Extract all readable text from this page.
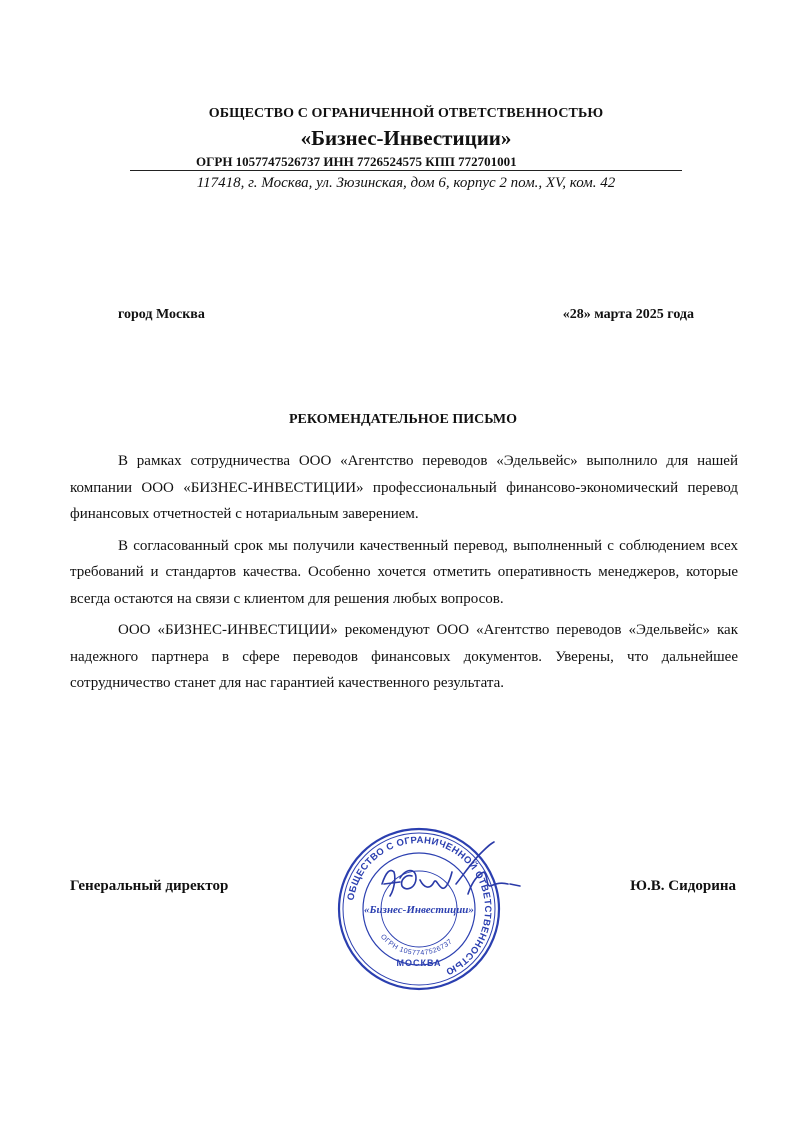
ОБЩЕСТВО С ОГРАНИЧЕННОЙ ОТВЕТСТВЕННОСТЬЮ
«Бизнес-Инвестиции»
ОГРН 1057747526737 ИНН 7726524575 КПП 772701001
117418, г. Москва, ул. Зюзинская, дом 6, корпус 2 пом., XV, ком. 42
город Москва	«28» марта 2025 года
РЕКОМЕНДАТЕЛЬНОЕ ПИСЬМО

В рамках сотрудничества ООО «Агентство переводов «Эдельвейс» выполнило для нашей компании ООО «БИЗНЕС-ИНВЕСТИЦИИ» профессиональный финансово-экономический перевод финансовых отчетностей с нотариальным заверением.

В согласованный срок мы получили качественный перевод, выполненный с соблюдением всех требований и стандартов качества. Особенно хочется отметить оперативность менеджеров, которые всегда остаются на связи с клиентом для решения любых вопросов.

ООО «БИЗНЕС-ИНВЕСТИЦИИ» рекомендуют ООО «Агентство переводов «Эдельвейс» как надежного партнера в сфере переводов финансовых документов. Уверены, что дальнейшее сотрудничество станет для нас гарантией качественного результата.

Генеральный директор	Ю.В. Сидорина
ОБЩЕСТВО С ОГРАНИЧЕННОЙ ОТВЕТСТВЕННОСТЬЮ
ОГРН 1057747526737
«Бизнес-Инвестиции»
МОСКВА
